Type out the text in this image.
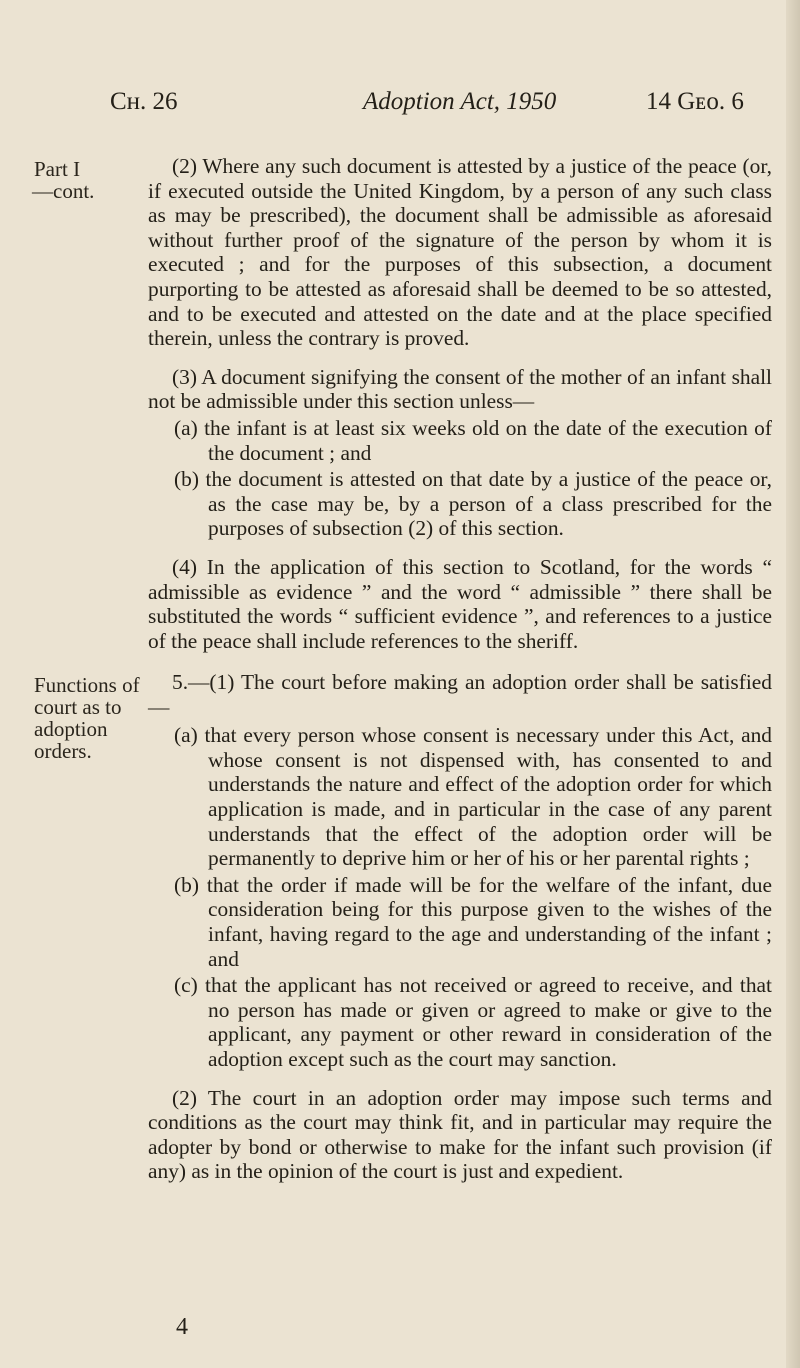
Cʜ. 26	Adoption Act, 1950	14 Gᴇᴏ. 6
Part I
—cont.
Functions of
court as to
adoption
orders.

(2) Where any such document is attested by a justice of the peace (or, if executed outside the United Kingdom, by a person of any such class as may be prescribed), the document shall be admissible as aforesaid without further proof of the signature of the person by whom it is executed ; and for the purposes of this subsection, a document purporting to be attested as aforesaid shall be deemed to be so attested, and to be executed and attested on the date and at the place specified therein, unless the contrary is proved.

(3) A document signifying the consent of the mother of an infant shall not be admissible under this section unless—

(a) the infant is at least six weeks old on the date of the execution of the document ; and

(b) the document is attested on that date by a justice of the peace or, as the case may be, by a person of a class prescribed for the purposes of subsection (2) of this section.

(4) In the application of this section to Scotland, for the words “ admissible as evidence ” and the word “ admissible ” there shall be substituted the words “ sufficient evidence ”, and references to a justice of the peace shall include references to the sheriff.

5.—(1) The court before making an adoption order shall be satisfied—

(a) that every person whose consent is necessary under this Act, and whose consent is not dispensed with, has consented to and understands the nature and effect of the adoption order for which application is made, and in particular in the case of any parent understands that the effect of the adoption order will be permanently to deprive him or her of his or her parental rights ;

(b) that the order if made will be for the welfare of the infant, due consideration being for this purpose given to the wishes of the infant, having regard to the age and understanding of the infant ; and

(c) that the applicant has not received or agreed to receive, and that no person has made or given or agreed to make or give to the applicant, any payment or other reward in consideration of the adoption except such as the court may sanction.

(2) The court in an adoption order may impose such terms and conditions as the court may think fit, and in particular may require the adopter by bond or otherwise to make for the infant such provision (if any) as in the opinion of the court is just and expedient.

4
